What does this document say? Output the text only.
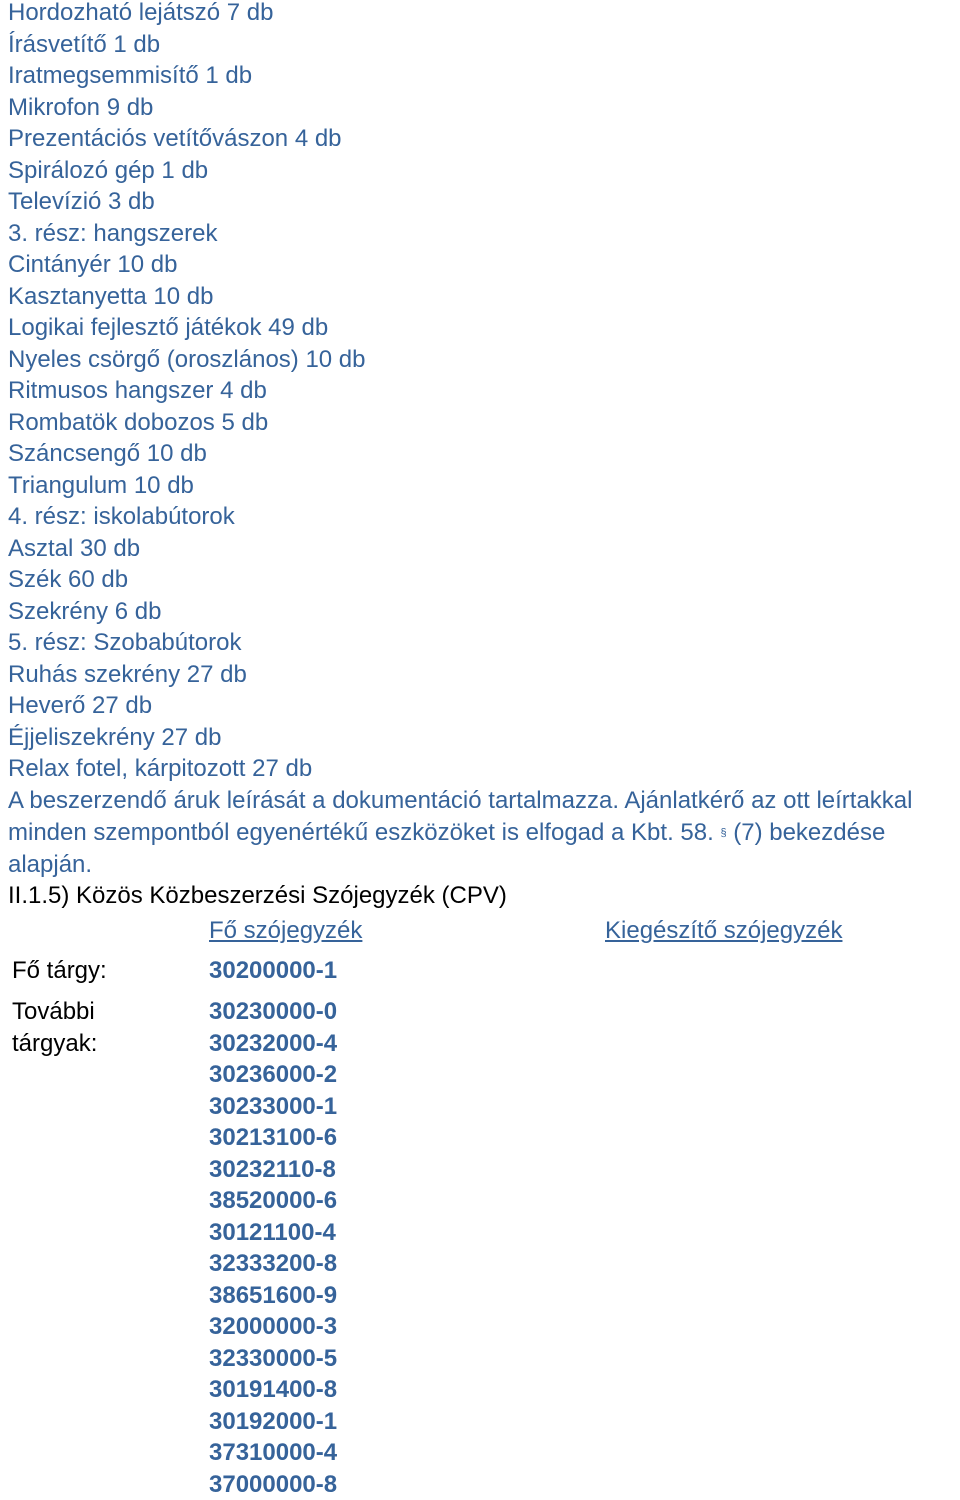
Hordozható lejátszó 7 db
Írásvetítő 1 db
Iratmegsemmisítő 1 db
Mikrofon 9 db
Prezentációs vetítővászon 4 db
Spirálozó gép 1 db
Televízió 3 db
3. rész: hangszerek
Cintányér 10 db
Kasztanyetta 10 db
Logikai fejlesztő játékok 49 db
Nyeles csörgő (oroszlános) 10 db
Ritmusos hangszer 4 db
Rombatök dobozos 5 db
Száncsengő 10 db
Triangulum 10 db
4. rész: iskolabútorok
Asztal 30 db
Szék 60 db
Szekrény 6 db
5. rész: Szobabútorok
Ruhás szekrény 27 db
Heverő 27 db
Éjjeliszekrény 27 db
Relax fotel, kárpitozott 27 db
A beszerzendő áruk leírását a dokumentáció tartalmazza. Ajánlatkérő az ott leírtakkal minden szempontból egyenértékű eszközöket is elfogad a Kbt. 58. § (7) bekezdése alapján.
II.1.5) Közös Közbeszerzési Szójegyzék (CPV)
Fő szójegyzék	Kiegészítő szójegyzék
Fő tárgy:	30200000-1
További tárgyak:
30230000-0
30232000-4
30236000-2
30233000-1
30213100-6
30232110-8
38520000-6
30121100-4
32333200-8
38651600-9
32000000-3
32330000-5
30191400-8
30192000-1
37310000-4
37000000-8
